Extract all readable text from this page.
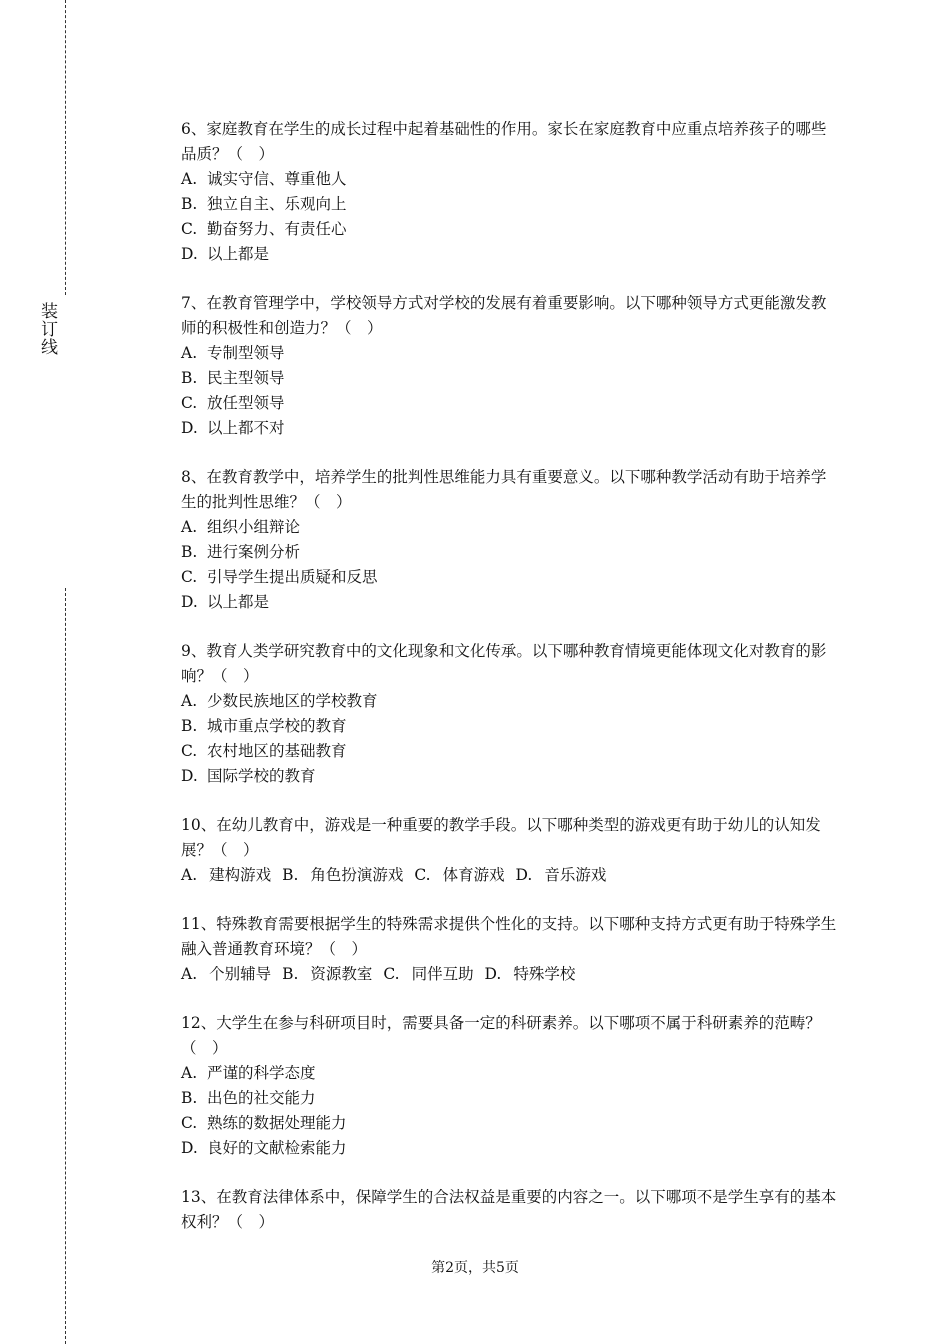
装订线

6、家庭教育在学生的成长过程中起着基础性的作用。家长在家庭教育中应重点培养孩子的哪些品质？（　）

A. 诚实守信、尊重他人
B. 独立自主、乐观向上
C. 勤奋努力、有责任心
D. 以上都是

7、在教育管理学中，学校领导方式对学校的发展有着重要影响。以下哪种领导方式更能激发教师的积极性和创造力？（　）

A. 专制型领导
B. 民主型领导
C. 放任型领导
D. 以上都不对

8、在教育教学中，培养学生的批判性思维能力具有重要意义。以下哪种教学活动有助于培养学生的批判性思维？（　）

A. 组织小组辩论
B. 进行案例分析
C. 引导学生提出质疑和反思
D. 以上都是

9、教育人类学研究教育中的文化现象和文化传承。以下哪种教育情境更能体现文化对教育的影响？（　）

A. 少数民族地区的学校教育
B. 城市重点学校的教育
C. 农村地区的基础教育
D. 国际学校的教育

10、在幼儿教育中，游戏是一种重要的教学手段。以下哪种类型的游戏更有助于幼儿的认知发展？（　）

A. 建构游戏 B. 角色扮演游戏 C. 体育游戏 D. 音乐游戏

11、特殊教育需要根据学生的特殊需求提供个性化的支持。以下哪种支持方式更有助于特殊学生融入普通教育环境？（　）

A. 个别辅导 B. 资源教室 C. 同伴互助 D. 特殊学校

12、大学生在参与科研项目时，需要具备一定的科研素养。以下哪项不属于科研素养的范畴？（　）

A. 严谨的科学态度
B. 出色的社交能力
C. 熟练的数据处理能力
D. 良好的文献检索能力

13、在教育法律体系中，保障学生的合法权益是重要的内容之一。以下哪项不是学生享有的基本权利？（　）

第2页，共5页
